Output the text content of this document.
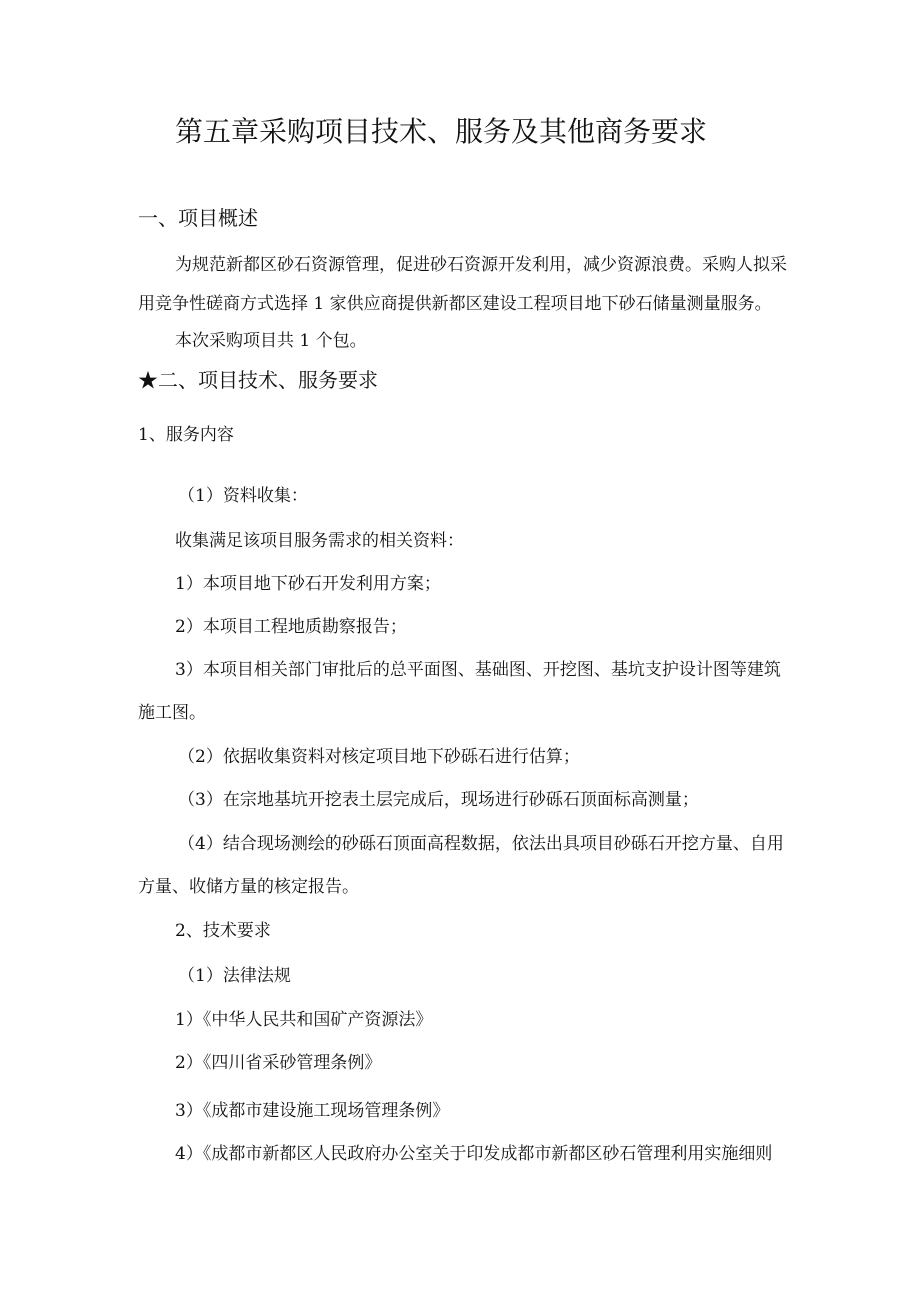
第五章采购项目技术、服务及其他商务要求
一、项目概述
为规范新都区砂石资源管理，促进砂石资源开发利用，减少资源浪费。采购人拟采
用竞争性磋商方式选择 1 家供应商提供新都区建设工程项目地下砂石储量测量服务。
本次采购项目共 1 个包。
★二、项目技术、服务要求
1、服务内容
（1）资料收集：
收集满足该项目服务需求的相关资料：
1）本项目地下砂石开发利用方案；
2）本项目工程地质勘察报告；
3）本项目相关部门审批后的总平面图、基础图、开挖图、基坑支护设计图等建筑
施工图。
（2）依据收集资料对核定项目地下砂砾石进行估算；
（3）在宗地基坑开挖表土层完成后，现场进行砂砾石顶面标高测量；
（4）结合现场测绘的砂砾石顶面高程数据，依法出具项目砂砾石开挖方量、自用
方量、收储方量的核定报告。
2、技术要求
（1）法律法规
1）《中华人民共和国矿产资源法》
2）《四川省采砂管理条例》
3）《成都市建设施工现场管理条例》
4）《成都市新都区人民政府办公室关于印发成都市新都区砂石管理利用实施细则
